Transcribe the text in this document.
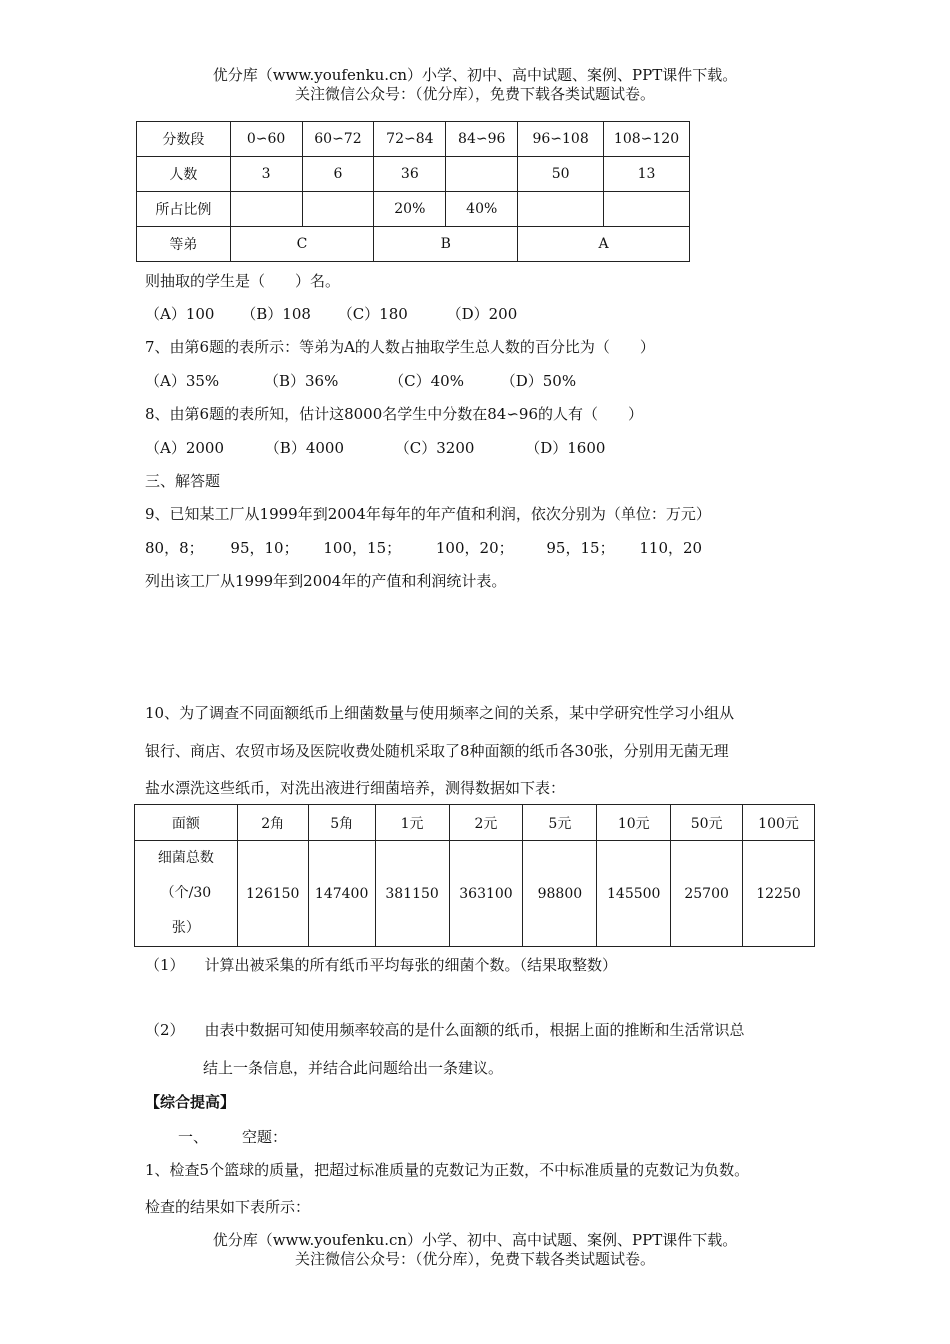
优分库（www.youfenku.cn）小学、初中、高中试题、案例、PPT课件下载。
关注微信公众号：（优分库），免费下载各类试题试卷。
分数段	0∽60	60∽72	72∽84	84∽96	96∽108	108∽120
人数	3	6	36		50	13
所占比例			20%	40%		
等弟	C		B		A	
则抽取的学生是（　　）名。
（A）100 （B）108 （C）180	（D）200
7、由第6题的表所示：等弟为A的人数占抽取学生总人数的百分比为（　　）
（A）35%	（B）36%	（C）40% （D）50%
8、由第6题的表所知，估计这8000名学生中分数在84∽96的人有（　　）
（A）2000	（B）4000	（C）3200	（D）1600
三、解答题
9、已知某工厂从1999年到2004年每年的年产值和利润，依次分别为（单位：万元）
80，8； 95，10； 100，15； 100，20； 95，15； 110，20
列出该工厂从1999年到2004年的产值和利润统计表。
10、为了调查不同面额纸币上细菌数量与使用频率之间的关系，某中学研究性学习小组从
银行、商店、农贸市场及医院收费处随机采取了8种面额的纸币各30张，分别用无菌无理
盐水漂洗这些纸币，对洗出液进行细菌培养，测得数据如下表：
面额	2角	5角	1元	2元	5元	10元	50元	100元

细菌总数
（个/30
张）	126150	147400	381150	363100	98800	145500	25700	12250
（1） 计算出被采集的所有纸币平均每张的细菌个数。（结果取整数）
（2） 由表中数据可知使用频率较高的是什么面额的纸币，根据上面的推断和生活常识总
结上一条信息，并结合此问题给出一条建议。
【综合提高】
一、 空题：
1、检查5个篮球的质量，把超过标准质量的克数记为正数，不中标准质量的克数记为负数。
检查的结果如下表所示：
优分库（www.youfenku.cn）小学、初中、高中试题、案例、PPT课件下载。
关注微信公众号：（优分库），免费下载各类试题试卷。
